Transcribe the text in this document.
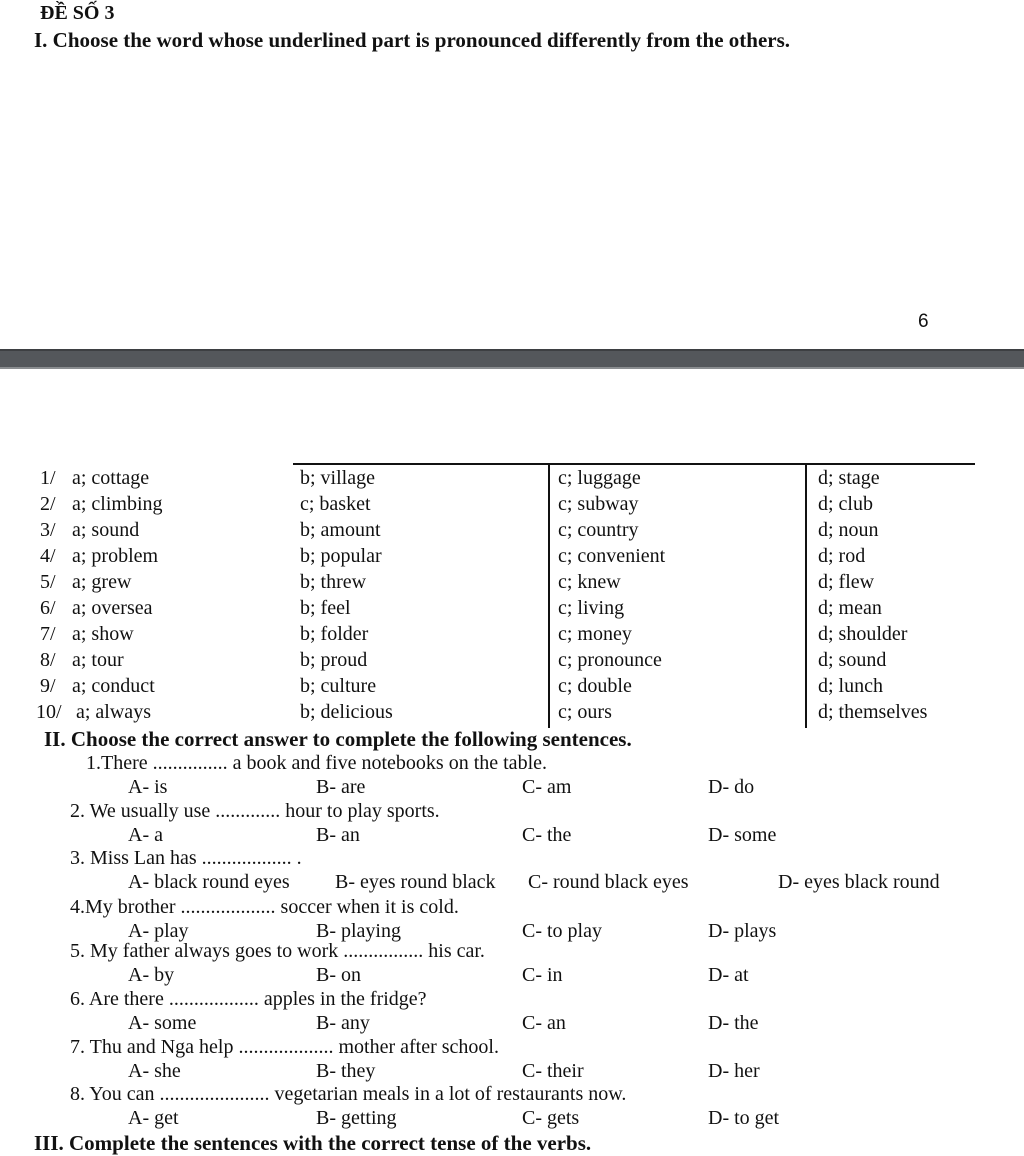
ĐỀ SỐ 3
I. Choose the word whose underlined part is pronounced differently from the others.
6
1/ a; cottage	b; village	c; luggage	d; stage
2/ a; climbing	c; basket	c; subway	d; club
3/ a; sound	b; amount	c; country	d; noun
4/ a; problem	b; popular	c; convenient	d; rod
5/ a; grew	b; threw	c; knew	d; flew
6/ a; oversea	b; feel	c; living	d; mean
7/ a; show	b; folder	c; money	d; shoulder
8/ a; tour	b; proud	c; pronounce	d; sound
9/ a; conduct	b; culture	c; double	d; lunch
10/ a; always	b; delicious	c; ours	d; themselves
II. Choose the correct answer to complete the following sentences.
1.There ............... a book and five notebooks on the table.
A- is	B- are	C- am	D- do
2. We usually use ............. hour to play sports.
A- a	B- an	C- the	D- some
3. Miss Lan has .................. .
A- black round eyes B- eyes round black C- round black eyes	D- eyes black round
4.My brother ................... soccer when it is cold.
A- play	B- playing	C- to play	D- plays
5. My father always goes to work ................ his car.
A- by	B- on	C- in	D- at
6. Are there .................. apples in the fridge?
A- some	B- any	C- an	D- the
7. Thu and Nga help ................... mother after school.
A- she	B- they	C- their	D- her
8. You can ...................... vegetarian meals in a lot of restaurants now.
A- get	B- getting	C- gets	D- to get
III. Complete the sentences with the correct tense of the verbs.
